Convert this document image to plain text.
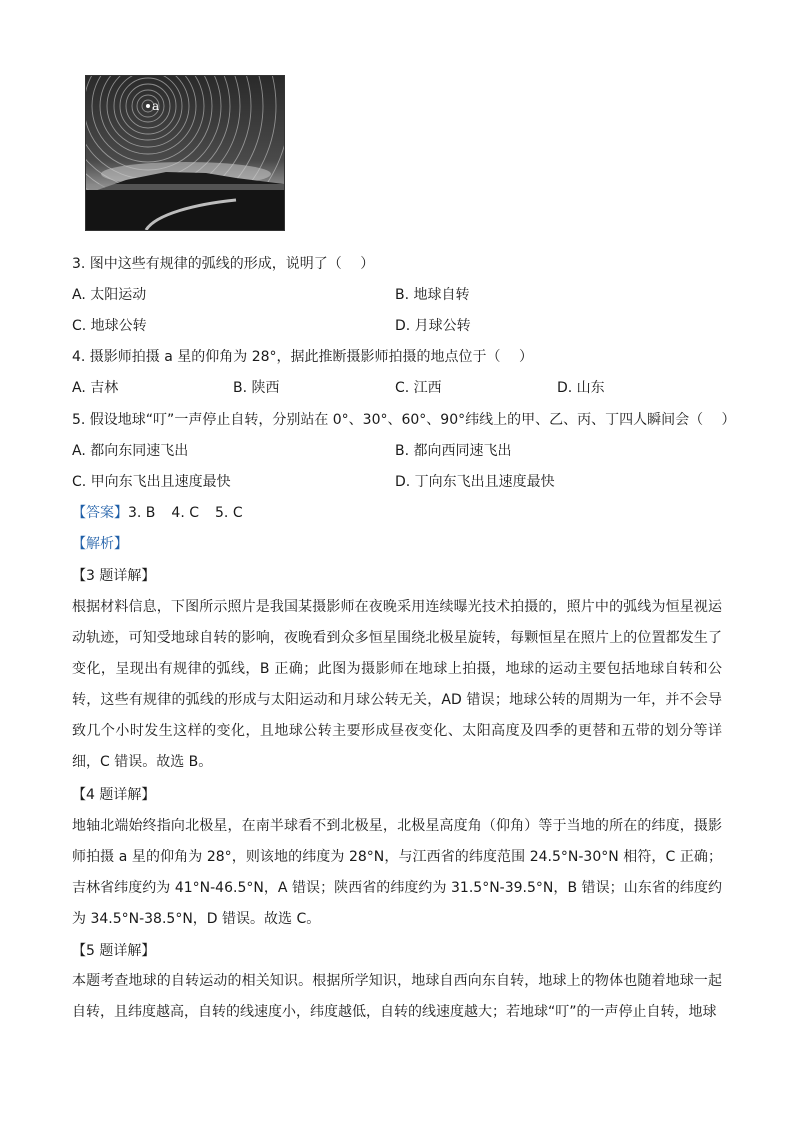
a
3. 图中这些有规律的弧线的形成，说明了（　 ）
A. 太阳运动	B. 地球自转
C. 地球公转	D. 月球公转
4. 摄影师拍摄 a 星的仰角为 28°，据此推断摄影师拍摄的地点位于（　 ）
A. 吉林	B. 陕西	C. 江西	D. 山东
5. 假设地球“叮”一声停止自转，分别站在 0°、30°、60°、90°纬线上的甲、乙、丙、丁四人瞬间会（　 ）
A. 都向东同速飞出	B. 都向西同速飞出
C. 甲向东飞出且速度最快	D. 丁向东飞出且速度最快
【答案】3. B 4. C 5. C
【解析】
【3 题详解】
根据材料信息，下图所示照片是我国某摄影师在夜晚采用连续曝光技术拍摄的，照片中的弧线为恒星视运动轨迹，可知受地球自转的影响，夜晚看到众多恒星围绕北极星旋转，每颗恒星在照片上的位置都发生了变化，呈现出有规律的弧线，B 正确；此图为摄影师在地球上拍摄，地球的运动主要包括地球自转和公转，这些有规律的弧线的形成与太阳运动和月球公转无关，AD 错误；地球公转的周期为一年，并不会导致几个小时发生这样的变化，且地球公转主要形成昼夜变化、太阳高度及四季的更替和五带的划分等详细，C 错误。故选 B。
【4 题详解】
地轴北端始终指向北极星，在南半球看不到北极星，北极星高度角（仰角）等于当地的所在的纬度，摄影师拍摄 a 星的仰角为 28°，则该地的纬度为 28°N，与江西省的纬度范围 24.5°N-30°N 相符，C 正确；吉林省纬度约为 41°N-46.5°N，A 错误；陕西省的纬度约为 31.5°N-39.5°N，B 错误；山东省的纬度约为 34.5°N-38.5°N，D 错误。故选 C。
【5 题详解】
本题考查地球的自转运动的相关知识。根据所学知识，地球自西向东自转，地球上的物体也随着地球一起自转，且纬度越高，自转的线速度小，纬度越低，自转的线速度越大；若地球“叮”的一声停止自转，地球
